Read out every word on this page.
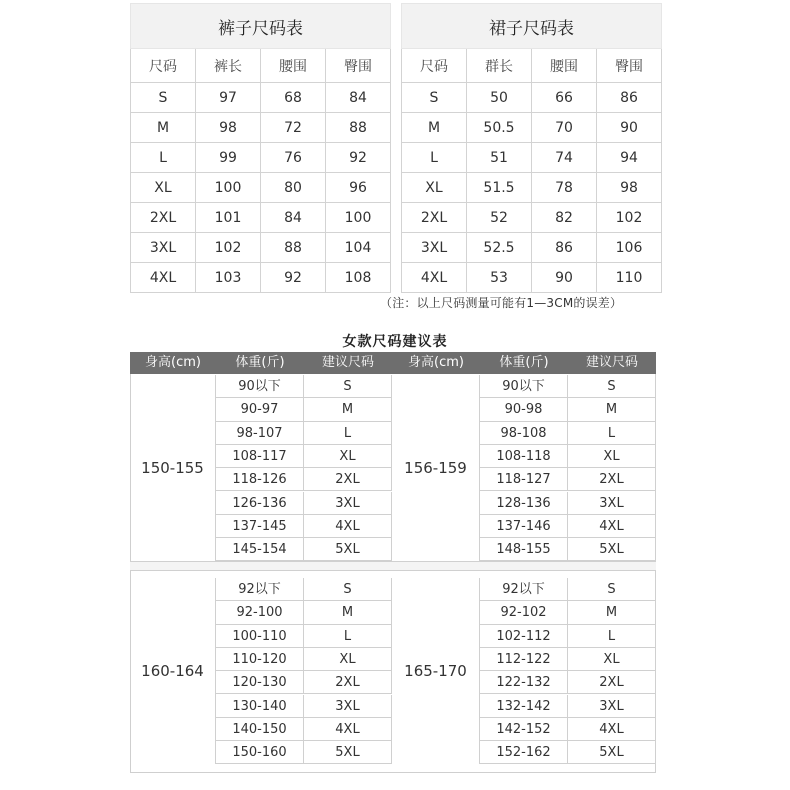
裤子尺码表			
尺码	裤长	腰围	臀围
S	97	68	84
M	98	72	88
L	99	76	92
XL	100	80	96
2XL	101	84	100
3XL	102	88	104
4XL	103	92	108
裙子尺码表			
尺码	群长	腰围	臀围
S	50	66	86
M	50.5	70	90
L	51	74	94
XL	51.5	78	98
2XL	52	82	102
3XL	52.5	86	106
4XL	53	90	110
（注：以上尺码测量可能有1—3CM的误差）
女款尺码建议表
身高(cm)	体重(斤)	建议尺码	身高(cm)	体重(斤)	建议尺码
150-155
90以下	S
90-97	M
98-107	L
108-117	XL
118-126	2XL
126-136	3XL
137-145	4XL
145-154	5XL
156-159
90以下	S
90-98	M
98-108	L
108-118	XL
118-127	2XL
128-136	3XL
137-146	4XL
148-155	5XL
160-164
92以下	S
92-100	M
100-110	L
110-120	XL
120-130	2XL
130-140	3XL
140-150	4XL
150-160	5XL
165-170
92以下	S
92-102	M
102-112	L
112-122	XL
122-132	2XL
132-142	3XL
142-152	4XL
152-162	5XL
